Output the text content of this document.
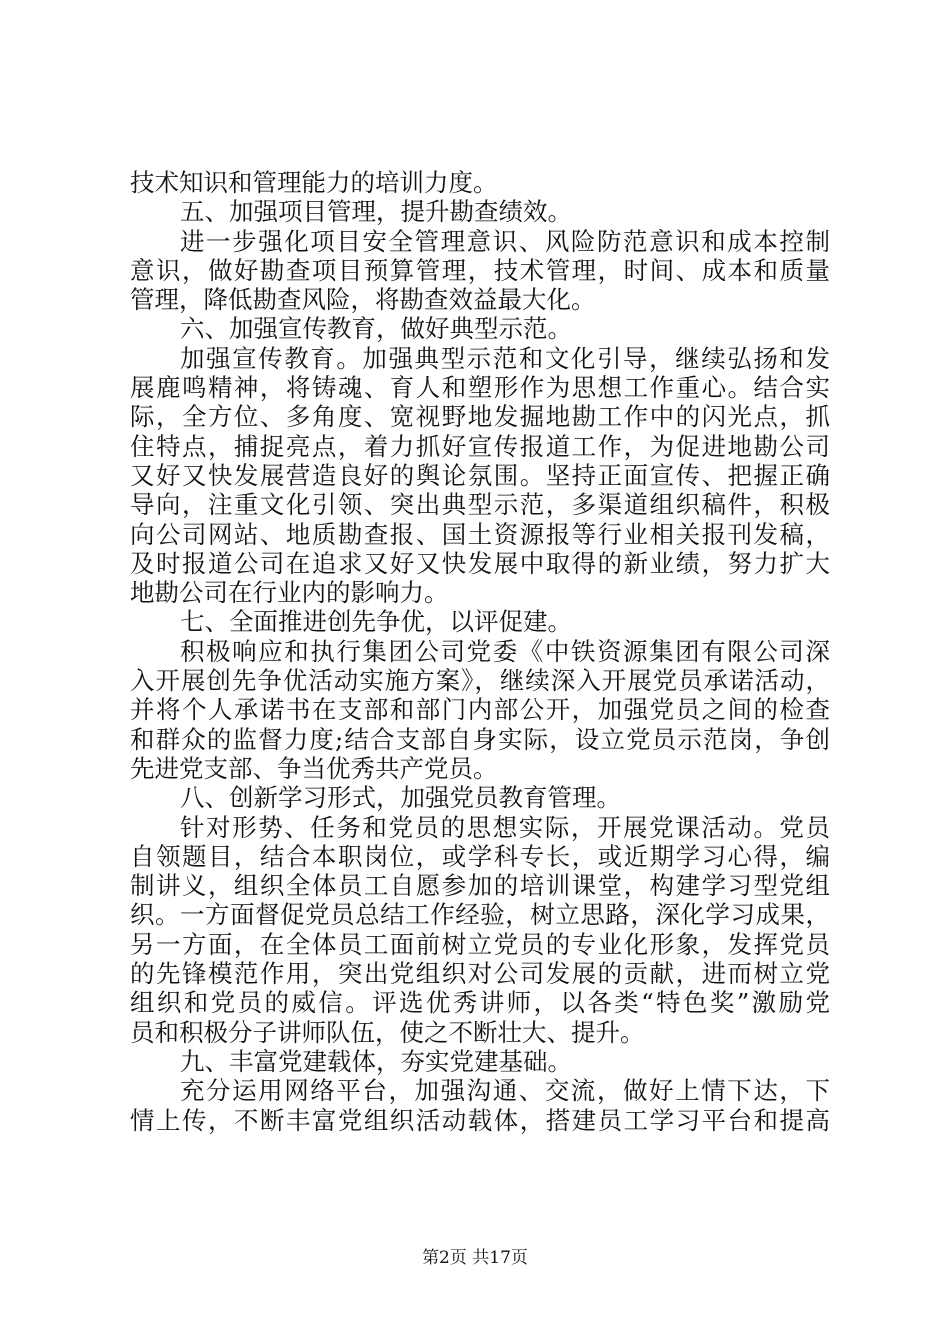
技术知识和管理能力的培训力度。
五、加强项目管理，提升勘查绩效。
进一步强化项目安全管理意识、风险防范意识和成本控制
意识，做好勘查项目预算管理，技术管理，时间、成本和质量
管理，降低勘查风险，将勘查效益最大化。
六、加强宣传教育，做好典型示范。
加强宣传教育。加强典型示范和文化引导，继续弘扬和发
展鹿鸣精神，将铸魂、育人和塑形作为思想工作重心。结合实
际，全方位、多角度、宽视野地发掘地勘工作中的闪光点，抓
住特点，捕捉亮点，着力抓好宣传报道工作，为促进地勘公司
又好又快发展营造良好的舆论氛围。坚持正面宣传、把握正确
导向，注重文化引领、突出典型示范，多渠道组织稿件，积极
向公司网站、地质勘查报、国土资源报等行业相关报刊发稿，
及时报道公司在追求又好又快发展中取得的新业绩，努力扩大
地勘公司在行业内的影响力。
七、全面推进创先争优，以评促建。
积极响应和执行集团公司党委《中铁资源集团有限公司深
入开展创先争优活动实施方案》，继续深入开展党员承诺活动，
并将个人承诺书在支部和部门内部公开，加强党员之间的检查
和群众的监督力度;结合支部自身实际，设立党员示范岗，争创
先进党支部、争当优秀共产党员。
八、创新学习形式，加强党员教育管理。
针对形势、任务和党员的思想实际，开展党课活动。党员
自领题目，结合本职岗位，或学科专长，或近期学习心得，编
制讲义，组织全体员工自愿参加的培训课堂，构建学习型党组
织。一方面督促党员总结工作经验，树立思路，深化学习成果，
另一方面，在全体员工面前树立党员的专业化形象，发挥党员
的先锋模范作用，突出党组织对公司发展的贡献，进而树立党
组织和党员的威信。评选优秀讲师，以各类“特色奖”激励党
员和积极分子讲师队伍，使之不断壮大、提升。
九、丰富党建载体，夯实党建基础。
充分运用网络平台，加强沟通、交流，做好上情下达，下
情上传，不断丰富党组织活动载体，搭建员工学习平台和提高
第2页 共17页
